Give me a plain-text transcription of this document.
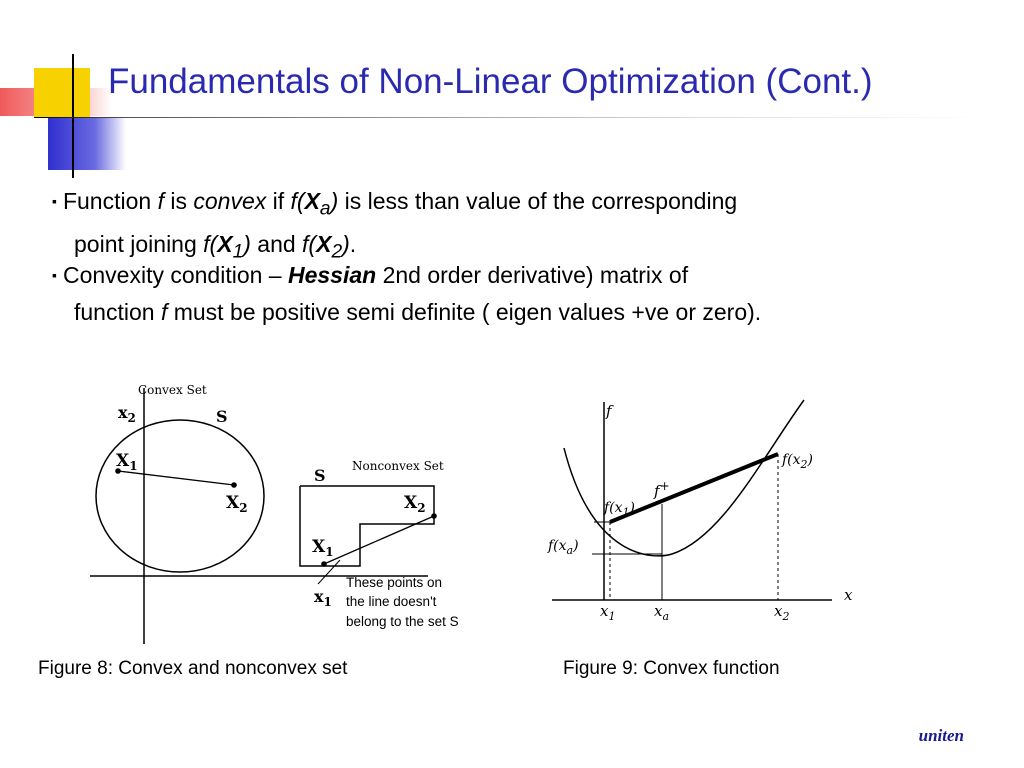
Fundamentals of Non-Linear Optimization (Cont.)
▪ Function f is convex if $f(X_a)$ is less than value of the corresponding
point joining $f(X_1)$ and $f(X_2)$.
▪ Convexity condition – Hessian 2nd order derivative) matrix of
function f must be positive semi definite ( eigen values +ve or zero).
Convex Set
S
$x_2$
$X_1$
$X_2$
Nonconvex Set
S
$X_2$
$X_1$
$x_1$
These points on
the line doesn't
belong to the set S
f
x
$f(x_2)$
f+
$f(x_1)$
$f(x_a)$
$x_1$	$x_a$	$x_2$
Figure 8: Convex and nonconvex set	Figure 9: Convex function
uniten
